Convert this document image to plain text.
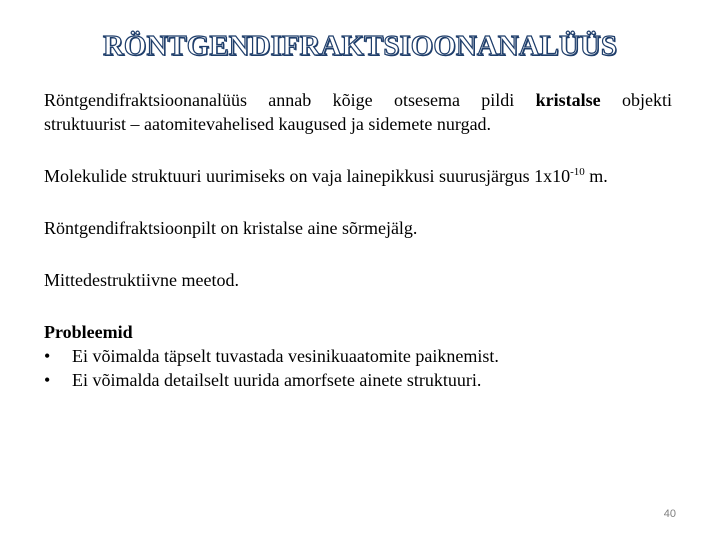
RÖNTGENDIFRAKTSIOONANALÜÜS

Röntgendifraktsioonanalüüs annab kõige otsesema pildi kristalse objekti

struktuurist – aatomitevahelised kaugused ja sidemete nurgad.

Molekulide struktuuri uurimiseks on vaja lainepikkusi suurusjärgus $1x10^{-10}$ m.

Röntgendifraktsioonpilt on kristalse aine sõrmejälg.

Mittedestruktiivne meetod.

Probleemid

•	Ei võimalda täpselt tuvastada vesinikuaatomite paiknemist.
•	Ei võimalda detailselt uurida amorfsete ainete struktuuri.
40
